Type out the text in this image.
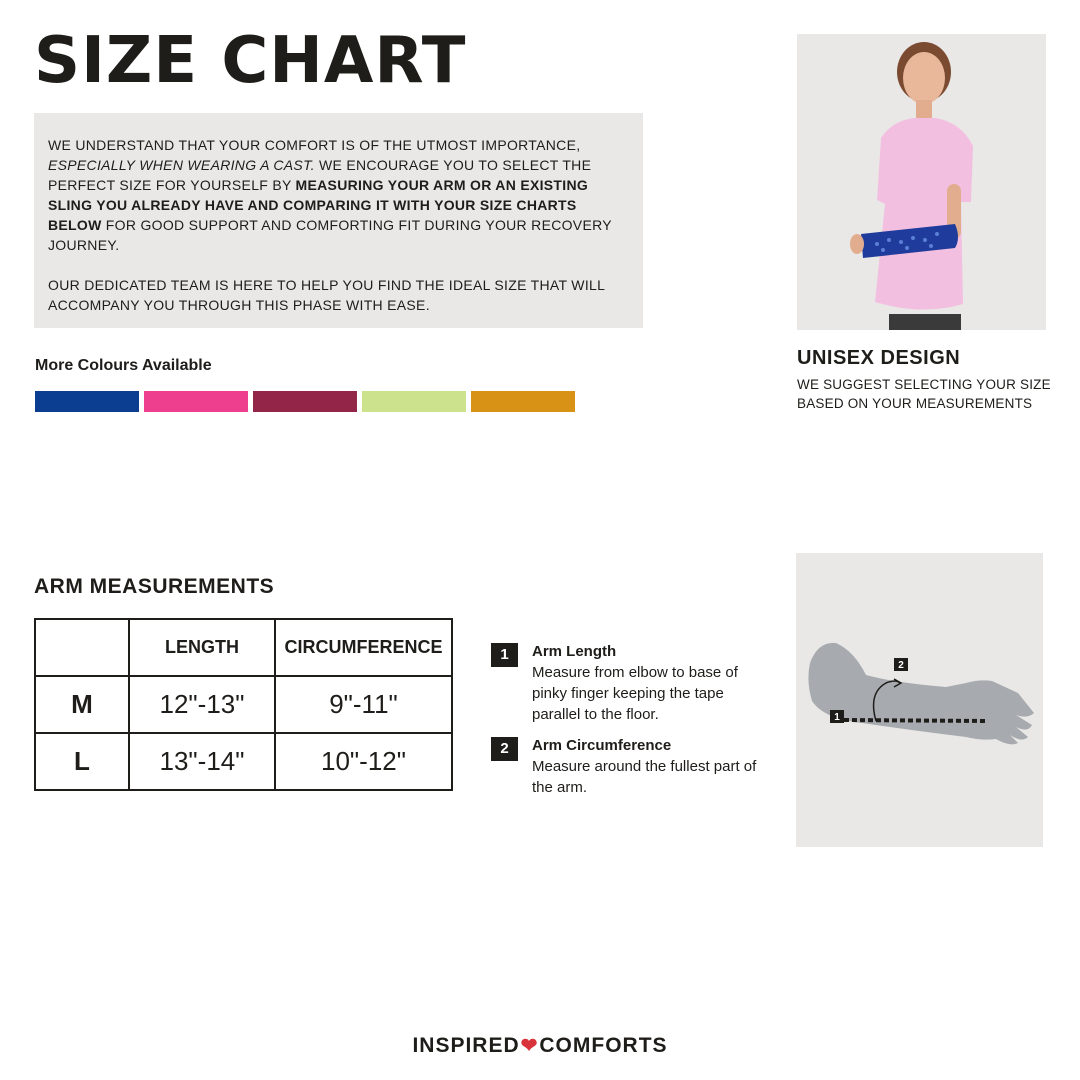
SIZE CHART

WE UNDERSTAND THAT YOUR COMFORT IS OF THE UTMOST IMPORTANCE, ESPECIALLY WHEN WEARING A CAST. WE ENCOURAGE YOU TO SELECT THE PERFECT SIZE FOR YOURSELF BY MEASURING YOUR ARM OR AN EXISTING SLING YOU ALREADY HAVE AND COMPARING IT WITH YOUR SIZE CHARTS BELOW FOR GOOD SUPPORT AND COMFORTING FIT DURING YOUR RECOVERY JOURNEY.

OUR DEDICATED TEAM IS HERE TO HELP YOU FIND THE IDEAL SIZE THAT WILL ACCOMPANY YOU THROUGH THIS PHASE WITH EASE.

More Colours Available	UNISEX DESIGN
WE SUGGEST SELECTING YOUR SIZE BASED ON YOUR MEASUREMENTS
ARM MEASUREMENTS
	LENGTH	CIRCUMFERENCE
M	12"-13"	9"-11"
L	13"-14"	10"-12"
1	Arm Length
Measure from elbow to base of pinky finger keeping the tape parallel to the floor.
2	Arm Circumference
Measure around the fullest part of the arm.
1
2
INSPIRED❤COMFORTS
